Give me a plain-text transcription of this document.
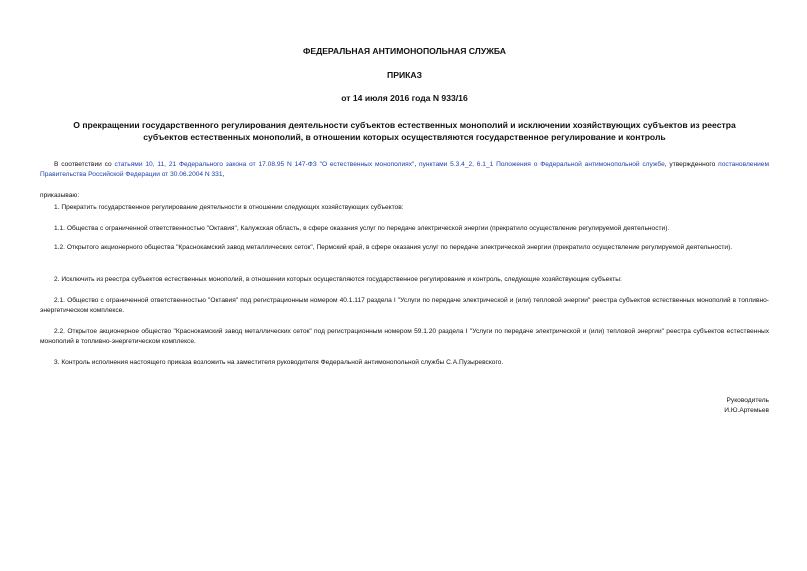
ФЕДЕРАЛЬНАЯ АНТИМОНОПОЛЬНАЯ СЛУЖБА
ПРИКАЗ
от 14 июля 2016 года N 933/16
О прекращении государственного регулирования деятельности субъектов естественных монополий и исключении хозяйствующих субъектов из реестра субъектов естественных монополий, в отношении которых осуществляются государственное регулирование и контроль
В соответствии со статьями 10, 11, 21 Федерального закона от 17.08.95 N 147-ФЗ "О естественных монополиях", пунктами 5.3.4_2, 6.1_1 Положения о Федеральной антимонопольной службе, утвержденного постановлением Правительства Российской Федерации от 30.06.2004 N 331,
приказываю:
1. Прекратить государственное регулирование деятельности в отношении следующих хозяйствующих субъектов:
1.1. Общества с ограниченной ответственностью "Октавия", Калужская область, в сфере оказания услуг по передаче электрической энергии (прекратило осуществление регулируемой деятельности).
1.2. Открытого акционерного общества "Краснокамский завод металлических сеток", Пермский край, в сфере оказания услуг по передаче электрической энергии (прекратило осуществление регулируемой деятельности).
2. Исключить из реестра субъектов естественных монополий, в отношении которых осуществляются государственное регулирование и контроль, следующие хозяйствующие субъекты:
2.1. Общество с ограниченной ответственностью "Октавия" под регистрационным номером 40.1.117 раздела I "Услуги по передаче электрической и (или) тепловой энергии" реестра субъектов естественных монополий в топливно-энергетическом комплексе.
2.2. Открытое акционерное общество "Краснокамский завод металлических сеток" под регистрационным номером 59.1.20 раздела I "Услуги по передаче электрической и (или) тепловой энергии" реестра субъектов естественных монополий в топливно-энергетическом комплексе.
3. Контроль исполнения настоящего приказа возложить на заместителя руководителя Федеральной антимонопольной службы С.А.Пузыревского.
Руководитель
И.Ю.Артемьев
